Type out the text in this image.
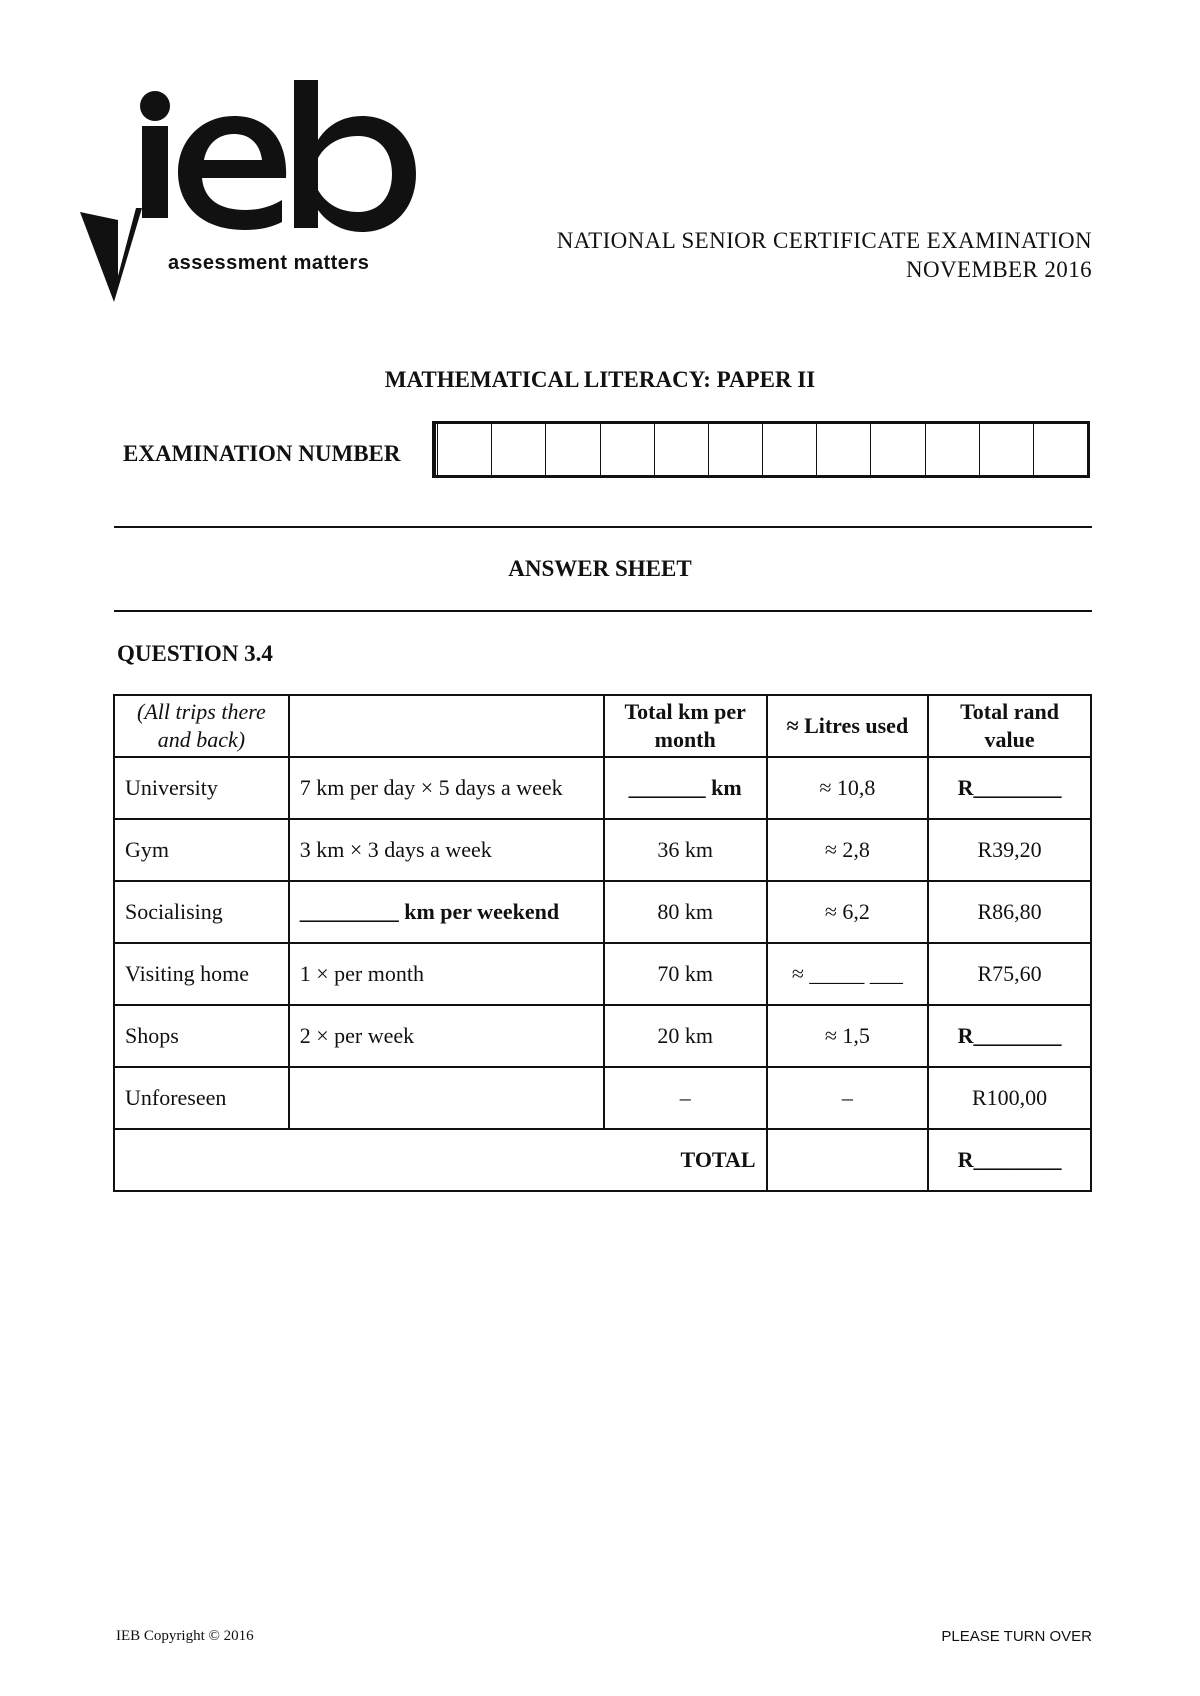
assessment matters
NATIONAL SENIOR CERTIFICATE EXAMINATION
NOVEMBER 2016
MATHEMATICAL LITERACY: PAPER II
EXAMINATION NUMBER
ANSWER SHEET
QUESTION 3.4
(All trips there and back)		Total km per month	≈ Litres used	Total rand value
University	7 km per day × 5 days a week	_______ km	≈ 10,8	R________
Gym	3 km × 3 days a week	36 km	≈ 2,8	R39,20
Socialising	_________ km per weekend	80 km	≈ 6,2	R86,80
Visiting home	1 × per month	70 km	≈ _____ ___	R75,60
Shops	2 × per week	20 km	≈ 1,5	R________
Unforeseen		–	–	R100,00
TOTAL				R________
IEB Copyright © 2016	PLEASE TURN OVER
